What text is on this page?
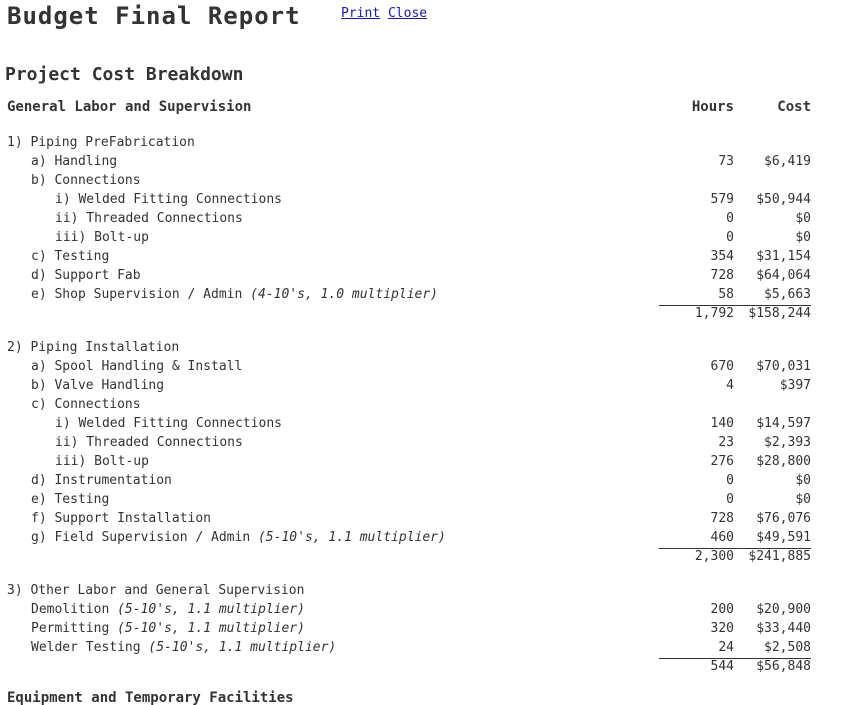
Budget Final Report	Print Close
Project Cost Breakdown
General Labor and Supervision	Hours	Cost
1) Piping PreFabrication
a) Handling	73 $6,419
b) Connections
i) Welded Fitting Connections	579 $50,944
ii) Threaded Connections	0	$0
iii) Bolt-up	0	$0
c) Testing	354 $31,154
d) Support Fab	728 $64,064
e) Shop Supervision / Admin (4-10's, 1.0 multiplier)	58 $5,663
1,792 $158,244
2) Piping Installation
a) Spool Handling & Install	670 $70,031
b) Valve Handling	4	$397
c) Connections
i) Welded Fitting Connections	140 $14,597
ii) Threaded Connections	23 $2,393
iii) Bolt-up	276 $28,800
d) Instrumentation	0	$0
e) Testing	0	$0
f) Support Installation	728 $76,076
g) Field Supervision / Admin (5-10's, 1.1 multiplier)	460 $49,591
2,300 $241,885
3) Other Labor and General Supervision
Demolition (5-10's, 1.1 multiplier)	200 $20,900
Permitting (5-10's, 1.1 multiplier)	320 $33,440
Welder Testing (5-10's, 1.1 multiplier)	24 $2,508
544 $56,848
Equipment and Temporary Facilities
